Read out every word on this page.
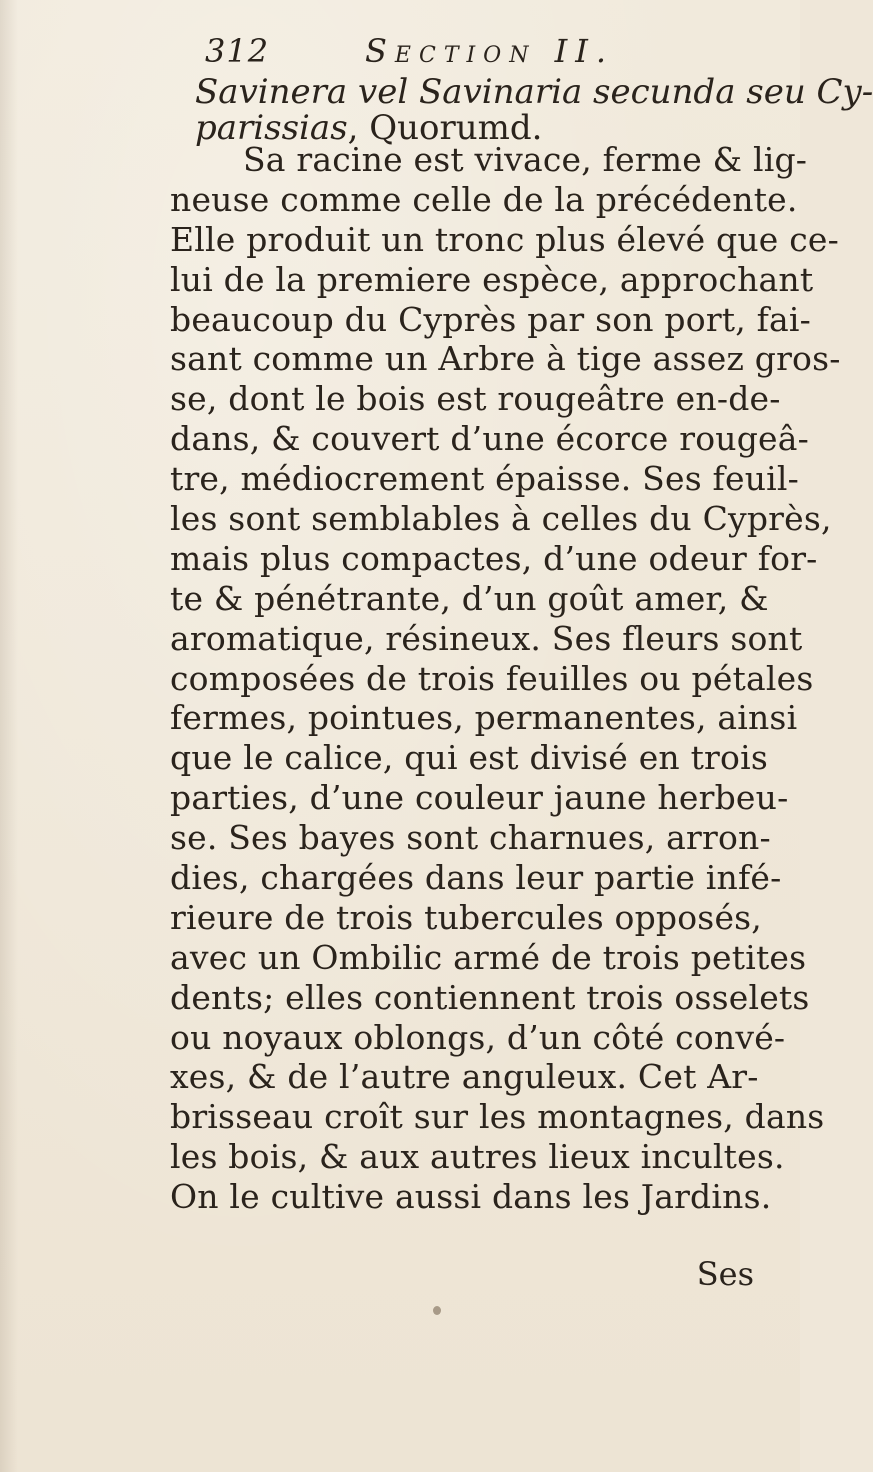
312	Section II.
Savinera vel Savinaria secunda seu Cy-
parissias, Quorumd.
Sa racine est vivace, ferme & lig-
neuse comme celle de la précédente.
Elle produit un tronc plus élevé que ce-
lui de la premiere espèce, approchant
beaucoup du Cyprès par son port, fai-
sant comme un Arbre à tige assez gros-
se, dont le bois est rougeâtre en-de-
dans, & couvert d’une écorce rougeâ-
tre, médiocrement épaisse. Ses feuil-
les sont semblables à celles du Cyprès,
mais plus compactes, d’une odeur for-
te & pénétrante, d’un goût amer, &
aromatique, résineux. Ses fleurs sont
composées de trois feuilles ou pétales
fermes, pointues, permanentes, ainsi
que le calice, qui est divisé en trois
parties, d’une couleur jaune herbeu-
se. Ses bayes sont charnues, arron-
dies, chargées dans leur partie infé-
rieure de trois tubercules opposés,
avec un Ombilic armé de trois petites
dents; elles contiennent trois osselets
ou noyaux oblongs, d’un côté convé-
xes, & de l’autre anguleux. Cet Ar-
brisseau croît sur les montagnes, dans
les bois, & aux autres lieux incultes.
On le cultive aussi dans les Jardins.
Ses
